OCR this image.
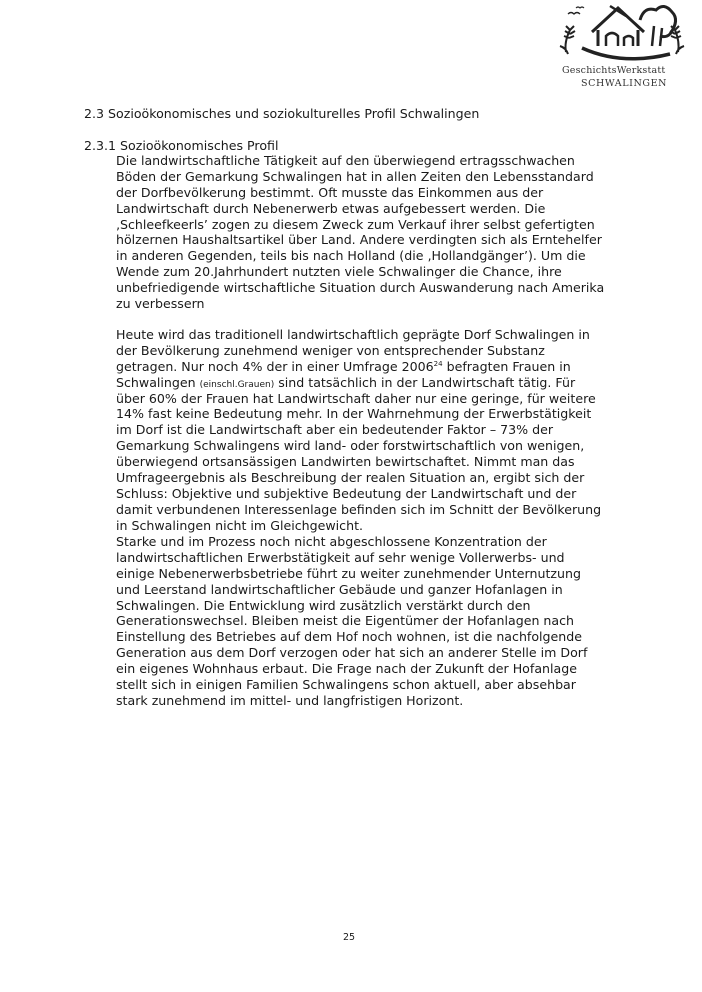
GeschichtsWerkstatt
SCHWALINGEN
2.3 Sozioökonomisches und soziokulturelles Profil Schwalingen
2.3.1 Sozioökonomisches Profil
Die landwirtschaftliche Tätigkeit auf den überwiegend ertragsschwachen
Böden der Gemarkung Schwalingen hat in allen Zeiten den Lebensstandard
der Dorfbevölkerung bestimmt. Oft musste das Einkommen aus der
Landwirtschaft durch Nebenerwerb etwas aufgebessert werden. Die
‚Schleefkeerls’ zogen zu diesem Zweck zum Verkauf ihrer selbst gefertigten
hölzernen Haushaltsartikel über Land. Andere verdingten sich als Erntehelfer
in anderen Gegenden, teils bis nach Holland (die ‚Hollandgänger’). Um die
Wende zum 20.Jahrhundert nutzten viele Schwalinger die Chance, ihre
unbefriedigende wirtschaftliche Situation durch Auswanderung nach Amerika
zu verbessern
Heute wird das traditionell landwirtschaftlich geprägte Dorf Schwalingen in
der Bevölkerung zunehmend weniger von entsprechender Substanz
getragen. Nur noch 4% der in einer Umfrage 2006$^{24}$ befragten Frauen in
Schwalingen (einschl.Grauen) sind tatsächlich in der Landwirtschaft tätig. Für
über 60% der Frauen hat Landwirtschaft daher nur eine geringe, für weitere
14% fast keine Bedeutung mehr. In der Wahrnehmung der Erwerbstätigkeit
im Dorf ist die Landwirtschaft aber ein bedeutender Faktor – 73% der
Gemarkung Schwalingens wird land- oder forstwirtschaftlich von wenigen,
überwiegend ortsansässigen Landwirten bewirtschaftet. Nimmt man das
Umfrageergebnis als Beschreibung der realen Situation an, ergibt sich der
Schluss: Objektive und subjektive Bedeutung der Landwirtschaft und der
damit verbundenen Interessenlage befinden sich im Schnitt der Bevölkerung
in Schwalingen nicht im Gleichgewicht.
Starke und im Prozess noch nicht abgeschlossene Konzentration der
landwirtschaftlichen Erwerbstätigkeit auf sehr wenige Vollerwerbs- und
einige Nebenerwerbsbetriebe führt zu weiter zunehmender Unternutzung
und Leerstand landwirtschaftlicher Gebäude und ganzer Hofanlagen in
Schwalingen. Die Entwicklung wird zusätzlich verstärkt durch den
Generationswechsel. Bleiben meist die Eigentümer der Hofanlagen nach
Einstellung des Betriebes auf dem Hof noch wohnen, ist die nachfolgende
Generation aus dem Dorf verzogen oder hat sich an anderer Stelle im Dorf
ein eigenes Wohnhaus erbaut. Die Frage nach der Zukunft der Hofanlage
stellt sich in einigen Familien Schwalingens schon aktuell, aber absehbar
stark zunehmend im mittel- und langfristigen Horizont.
25
